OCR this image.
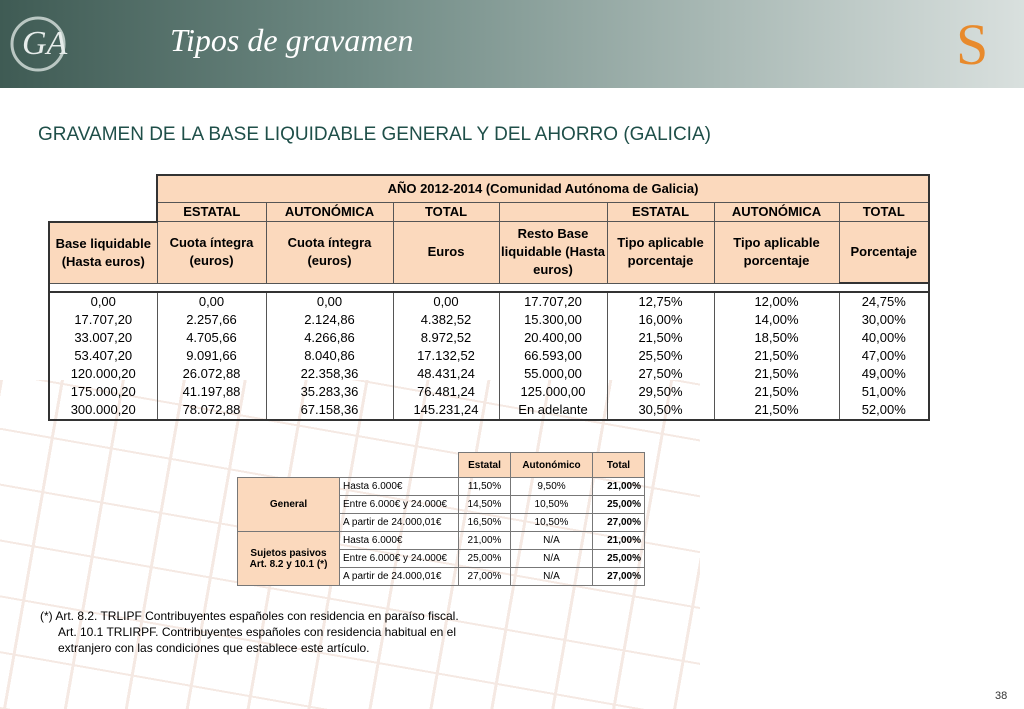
GA	Tipos de gravamen	S
GRAVAMEN DE LA BASE LIQUIDABLE GENERAL Y DEL AHORRO (GALICIA)
	AÑO 2012-2014 (Comunidad Autónoma de Galicia)						
	ESTATAL	AUTONÓMICA	TOTAL		ESTATAL	AUTONÓMICA	TOTAL
Base liquidable (Hasta euros)	Cuota íntegra (euros)	Cuota íntegra (euros)	Euros	Resto Base liquidable (Hasta euros)	Tipo aplicable porcentaje	Tipo aplicable porcentaje	Porcentaje

0,00	0,00	0,00	0,00	17.707,20	12,75%	12,00%	24,75%
17.707,20	2.257,66	2.124,86	4.382,52	15.300,00	16,00%	14,00%	30,00%
33.007,20	4.705,66	4.266,86	8.972,52	20.400,00	21,50%	18,50%	40,00%
53.407,20	9.091,66	8.040,86	17.132,52	66.593,00	25,50%	21,50%	47,00%
120.000,20	26.072,88	22.358,36	48.431,24	55.000,00	27,50%	21,50%	49,00%
175.000,20	41.197,88	35.283,36	76.481,24	125.000,00	29,50%	21,50%	51,00%
300.000,20	78.072,88	67.158,36	145.231,24	En adelante	30,50%	21,50%	52,00%
		Estatal	Autonómico	Total
General	Hasta 6.000€	11,50%	9,50%	21,00%
	Entre 6.000€ y 24.000€	14,50%	10,50%	25,00%
	A partir de 24.000,01€	16,50%	10,50%	27,00%
Sujetos pasivos Art. 8.2 y 10.1 (*)	Hasta 6.000€	21,00%	N/A	21,00%
	Entre 6.000€ y 24.000€	25,00%	N/A	25,00%
	A partir de 24.000,01€	27,00%	N/A	27,00%
(*) Art. 8.2. TRLIPF Contribuyentes españoles con residencia en paraíso fiscal.
Art. 10.1 TRLIRPF. Contribuyentes españoles con residencia habitual en el
extranjero con las condiciones que establece este artículo.
38
